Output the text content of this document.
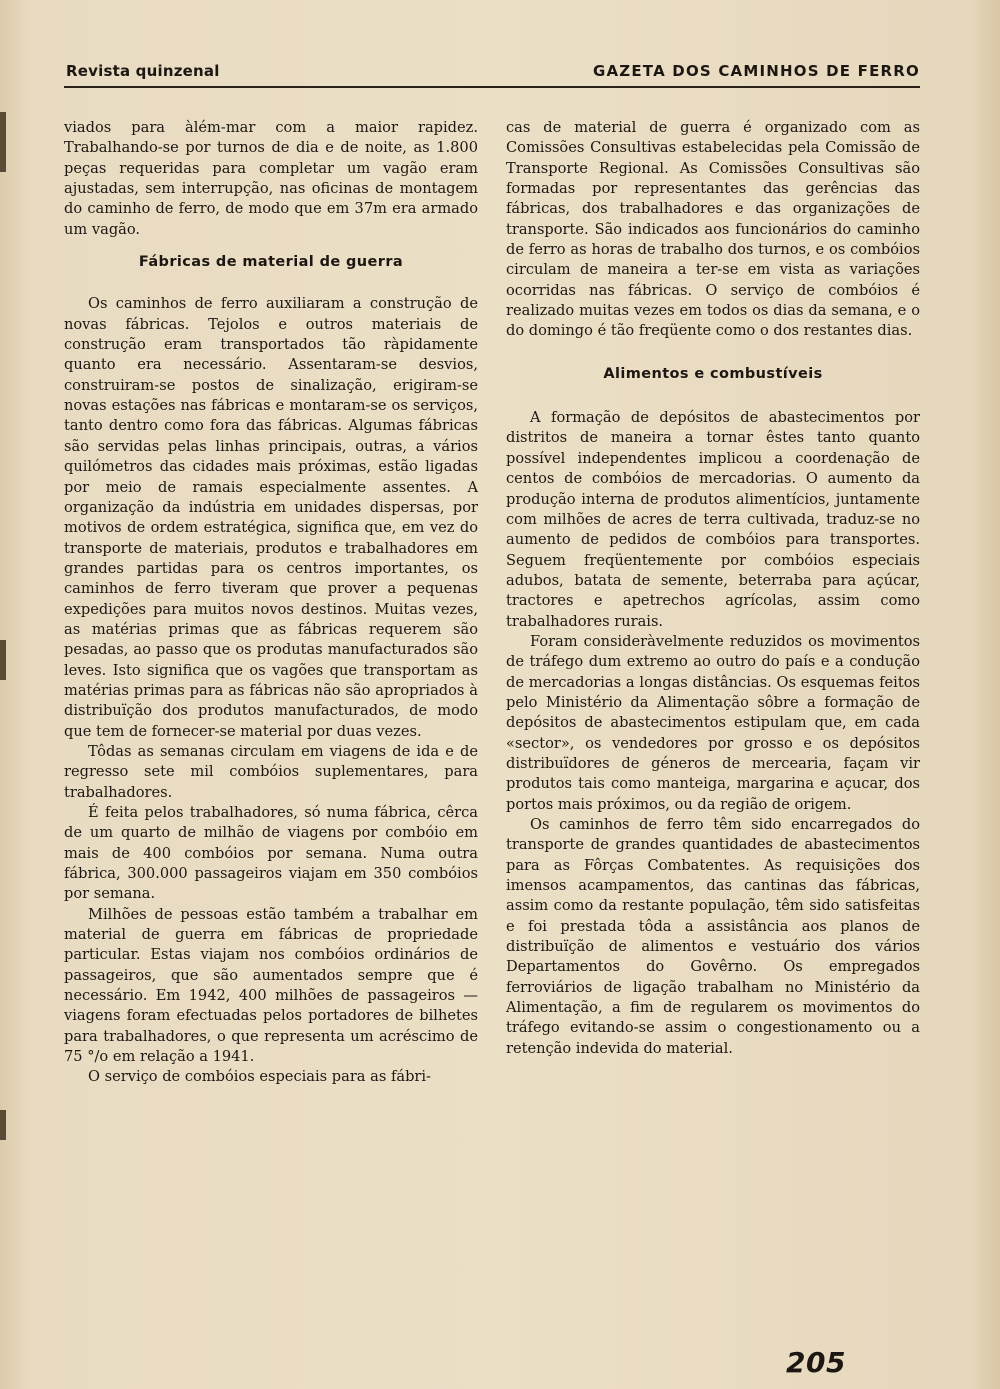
Revista quinzenal	GAZETA DOS CAMINHOS DE FERRO

viados para àlém-mar com a maior rapidez. Trabalhando-se por turnos de dia e de noite, as 1.800 peças requeridas para completar um vagão eram ajustadas, sem interrupção, nas oficinas de montagem do caminho de ferro, de modo que em 37m era armado um vagão.

Fábricas de material de guerra

Os caminhos de ferro auxiliaram a construção de novas fábricas. Tejolos e outros materiais de construção eram transportados tão ràpidamente quanto era necessário. Assentaram-se desvios, construiram-se postos de sinalização, erigiram-se novas estações nas fábricas e montaram-se os serviços, tanto dentro como fora das fábricas. Algumas fábricas são servidas pelas linhas principais, outras, a vários quilómetros das cidades mais próximas, estão ligadas por meio de ramais especialmente assentes. A organização da indústria em unidades dispersas, por motivos de ordem estratégica, significa que, em vez do transporte de materiais, produtos e trabalhadores em grandes partidas para os centros importantes, os caminhos de ferro tiveram que prover a pequenas expedições para muitos novos destinos. Muitas vezes, as matérias primas que as fábricas requerem são pesadas, ao passo que os produtas manufacturados são leves. Isto significa que os vagões que transportam as matérias primas para as fábricas não são apropriados à distribuïção dos produtos manufacturados, de modo que tem de fornecer-se material por duas vezes.

Tôdas as semanas circulam em viagens de ida e de regresso sete mil combóios suplementares, para trabalhadores.

É feita pelos trabalhadores, só numa fábrica, cêrca de um quarto de milhão de viagens por combóio em mais de 400 combóios por semana. Numa outra fábrica, 300.000 passageiros viajam em 350 combóios por semana.

Milhões de pessoas estão também a trabalhar em material de guerra em fábricas de propriedade particular. Estas viajam nos combóios ordinários de passageiros, que são aumentados sempre que é necessário. Em 1942, 400 milhões de passageiros — viagens foram efectuadas pelos portadores de bilhetes para trabalhadores, o que representa um acréscimo de 75 °/o em relação a 1941.

O serviço de combóios especiais para as fábri-

cas de material de guerra é organizado com as Comissões Consultivas estabelecidas pela Comissão de Transporte Regional. As Comissões Consultivas são formadas por representantes das gerências das fábricas, dos trabalhadores e das organizações de transporte. São indicados aos funcionários do caminho de ferro as horas de trabalho dos turnos, e os combóios circulam de maneira a ter-se em vista as variações ocorridas nas fábricas. O serviço de combóios é realizado muitas vezes em todos os dias da semana, e o do domingo é tão freqüente como o dos restantes dias.

Alimentos e combustíveis

A formação de depósitos de abastecimentos por distritos de maneira a tornar êstes tanto quanto possível independentes implicou a coordenação de centos de combóios de mercadorias. O aumento da produção interna de produtos alimentícios, juntamente com milhões de acres de terra cultivada, traduz-se no aumento de pedidos de combóios para transportes. Seguem freqüentemente por combóios especiais adubos, batata de semente, beterraba para açúcar, tractores e apetrechos agrícolas, assim como trabalhadores rurais.

Foram consideràvelmente reduzidos os movimentos de tráfego dum extremo ao outro do país e a condução de mercadorias a longas distâncias. Os esquemas feitos pelo Ministério da Alimentação sôbre a formação de depósitos de abastecimentos estipulam que, em cada «sector», os vendedores por grosso e os depósitos distribuïdores de géneros de mercearia, façam vir produtos tais como manteiga, margarina e açucar, dos portos mais próximos, ou da região de origem.

Os caminhos de ferro têm sido encarregados do transporte de grandes quantidades de abastecimentos para as Fôrças Combatentes. As requisições dos imensos acampamentos, das cantinas das fábricas, assim como da restante população, têm sido satisfeitas e foi prestada tôda a assistância aos planos de distribuïção de alimentos e vestuário dos vários Departamentos do Govêrno. Os empregados ferroviários de ligação trabalham no Ministério da Alimentação, a fim de regularem os movimentos do tráfego evitando-se assim o congestionamento ou a retenção indevida do material.

205
